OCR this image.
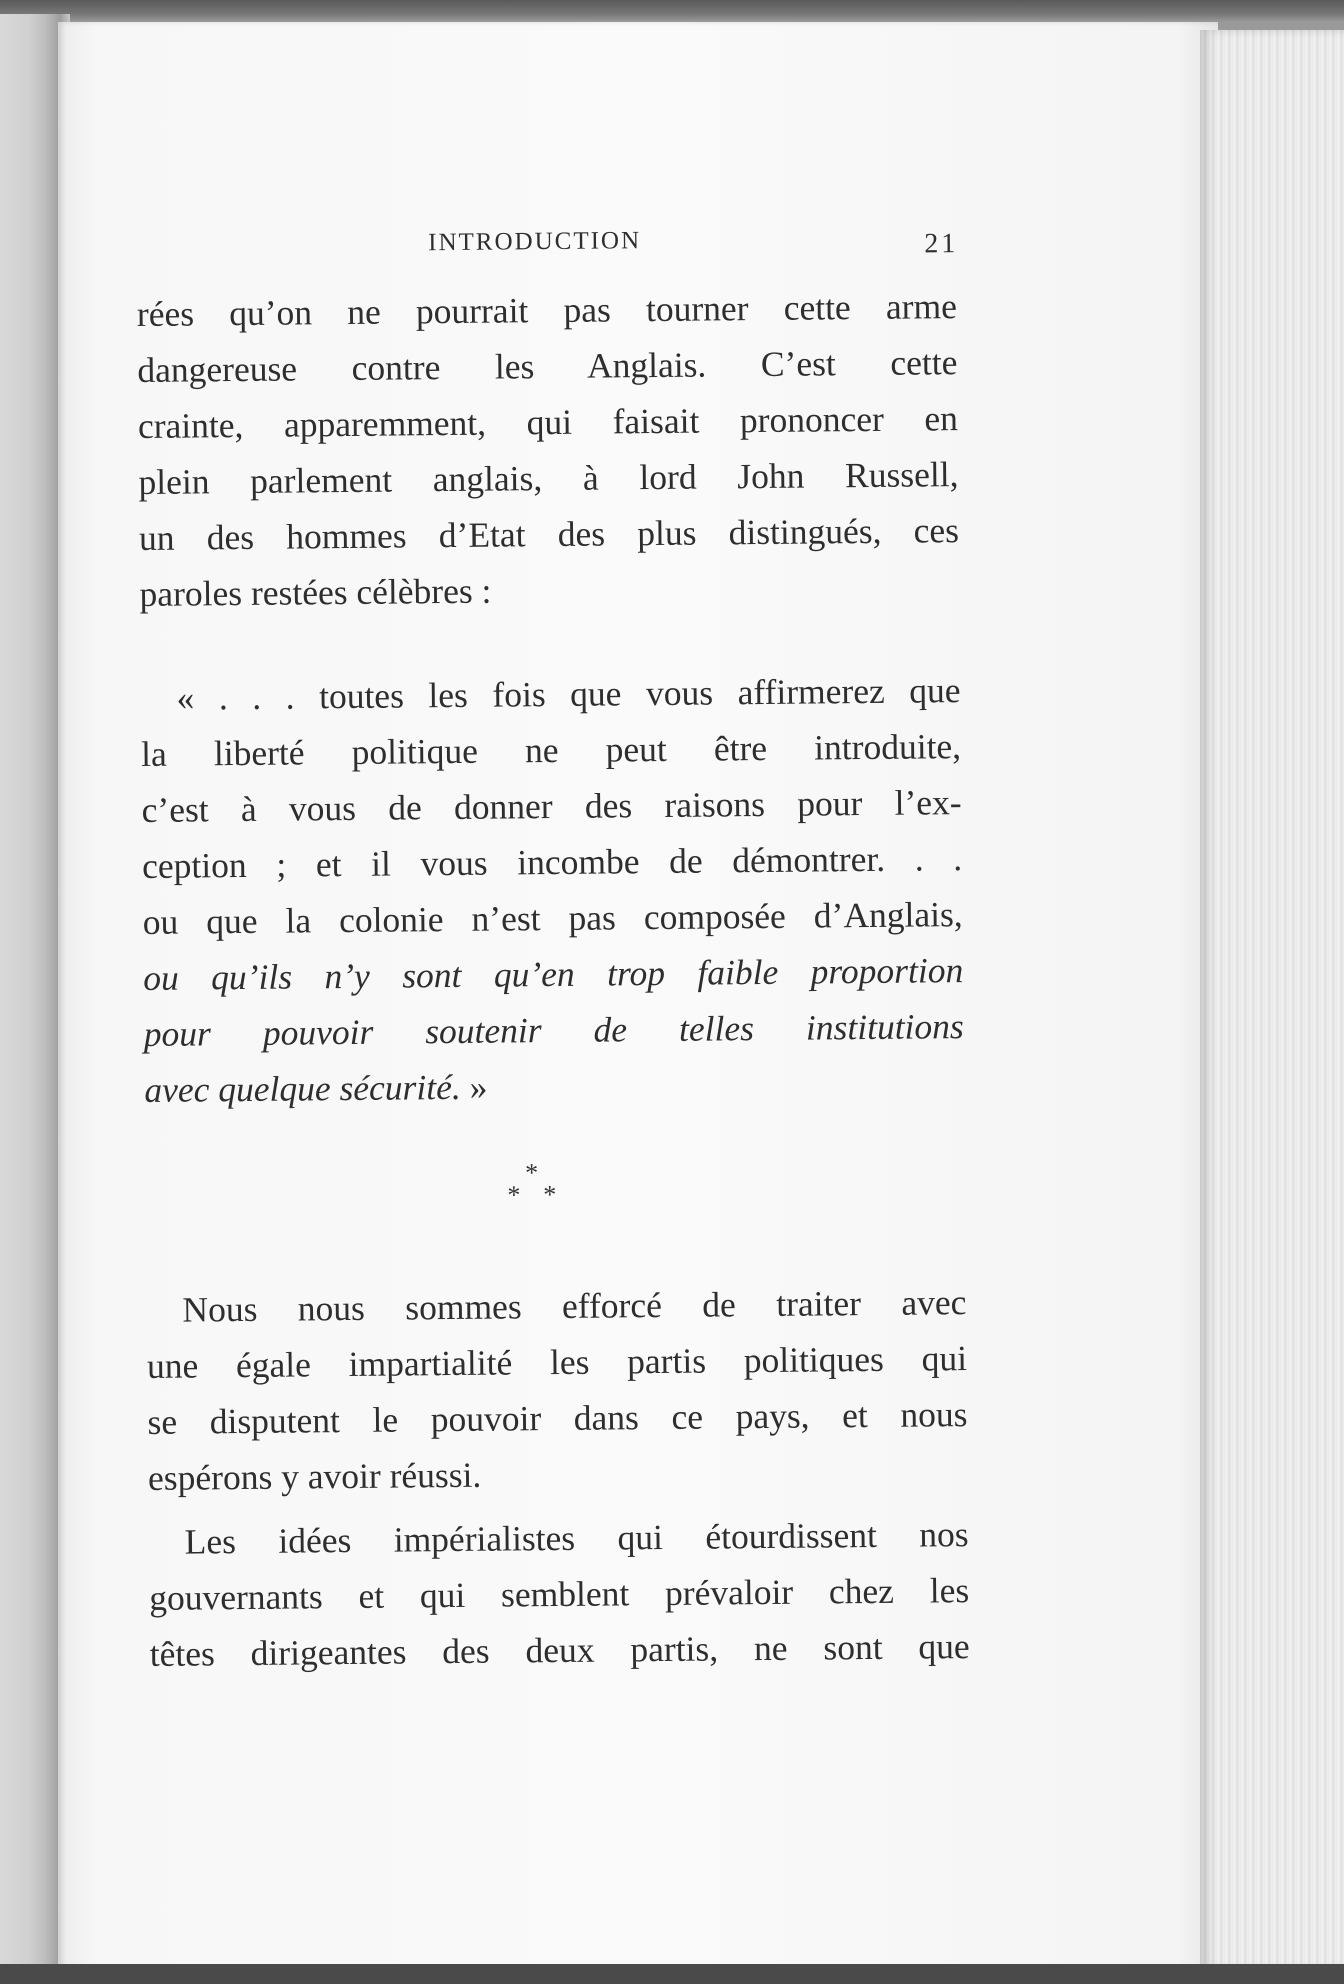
INTRODUCTION	21

rées qu’on ne pourrait pas tourner cette arme
dangereuse contre les Anglais. C’est cette
crainte, apparemment, qui faisait prononcer en
plein parlement anglais, à lord John Russell,
un des hommes d’Etat des plus distingués, ces
paroles restées célèbres :

« . . . toutes les fois que vous affirmerez que
la liberté politique ne peut être introduite,
c’est à vous de donner des raisons pour l’ex-
ception ; et il vous incombe de démontrer. . .
ou que la colonie n’est pas composée d’Anglais,
ou qu’ils n’y sont qu’en trop faible proportion
pour pouvoir soutenir de telles institutions
avec quelque sécurité. »

*
* *

Nous nous sommes efforcé de traiter avec
une égale impartialité les partis politiques qui
se disputent le pouvoir dans ce pays, et nous
espérons y avoir réussi.

Les idées impérialistes qui étourdissent nos
gouvernants et qui semblent prévaloir chez les
têtes dirigeantes des deux partis, ne sont que
